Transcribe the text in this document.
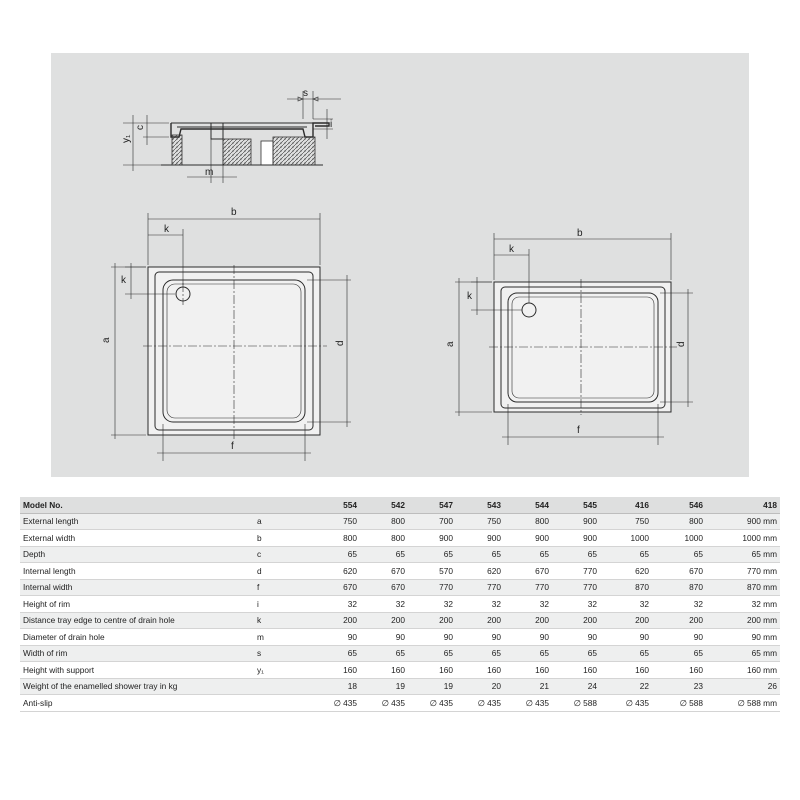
s
i
c
y₁
m
b
k
k
a
d
f
b
k
k
a	d
f
Model No.		554	542	547	543	544	545	416	546	418
External length	a	750	800	700	750	800	900	750	800	900 mm
External width	b	800	800	900	900	900	900	1000	1000	1000 mm
Depth	c	65	65	65	65	65	65	65	65	65 mm
Internal length	d	620	670	570	620	670	770	620	670	770 mm
Internal width	f	670	670	770	770	770	770	870	870	870 mm
Height of rim	i	32	32	32	32	32	32	32	32	32 mm
Distance tray edge to centre of drain hole	k	200	200	200	200	200	200	200	200	200 mm
Diameter of drain hole	m	90	90	90	90	90	90	90	90	90 mm
Width of rim	s	65	65	65	65	65	65	65	65	65 mm
Height with support	y₁	160	160	160	160	160	160	160	160	160 mm
Weight of the enamelled shower tray in kg		18	19	19	20	21	24	22	23	26
Anti-slip		∅ 435	∅ 435	∅ 435	∅ 435	∅ 435	∅ 588	∅ 435	∅ 588	∅ 588 mm
